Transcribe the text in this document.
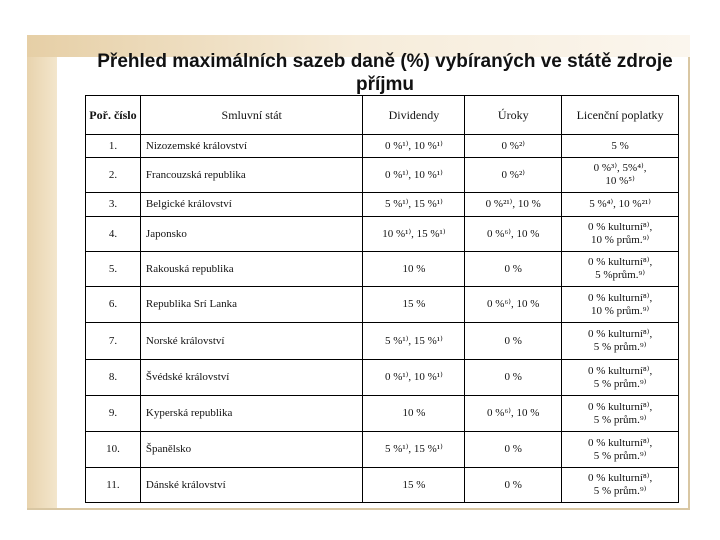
Přehled maximálních sazeb daně (%) vybíraných ve státě zdroje příjmu
Poř. číslo	Smluvní stát	Dividendy	Úroky	Licenční poplatky
1.	Nizozemské království	0 %¹⁾, 10 %¹⁾	0 %²⁾	5 %

2.	Francouzská republika	0 %¹⁾, 10 %¹⁾	0 %²⁾	0 %³⁾, 5%⁴⁾,
10 %⁵⁾

3.	Belgické království	5 %¹⁾, 15 %¹⁾	0 %²¹⁾, 10 %	5 %⁴⁾, 10 %²¹⁾

4.	Japonsko	10 %¹⁾, 15 %¹⁾	0 %⁶⁾, 10 %	0 % kulturní⁸⁾,
10 % prům.⁹⁾

5.	Rakouská republika	10 %	0 %	0 % kulturní⁸⁾,
5 %prům.⁹⁾

6.	Republika Srí Lanka	15 %	0 %⁶⁾, 10 %	0 % kulturní⁸⁾,
10 % prům.⁹⁾

7.	Norské království	5 %¹⁾, 15 %¹⁾	0 %	0 % kulturní⁸⁾,
5 % prům.⁹⁾

8.	Švédské království	0 %¹⁾, 10 %¹⁾	0 %	0 % kulturní⁸⁾,
5 % prům.⁹⁾

9.	Kyperská republika	10 %	0 %⁶⁾, 10 %	0 % kulturní⁸⁾,
5 % prům.⁹⁾

10.	Španělsko	5 %¹⁾, 15 %¹⁾	0 %	0 % kulturní⁸⁾,
5 % prům.⁹⁾

11.	Dánské království	15 %	0 %	0 % kulturní⁸⁾,
5 % prům.⁹⁾
